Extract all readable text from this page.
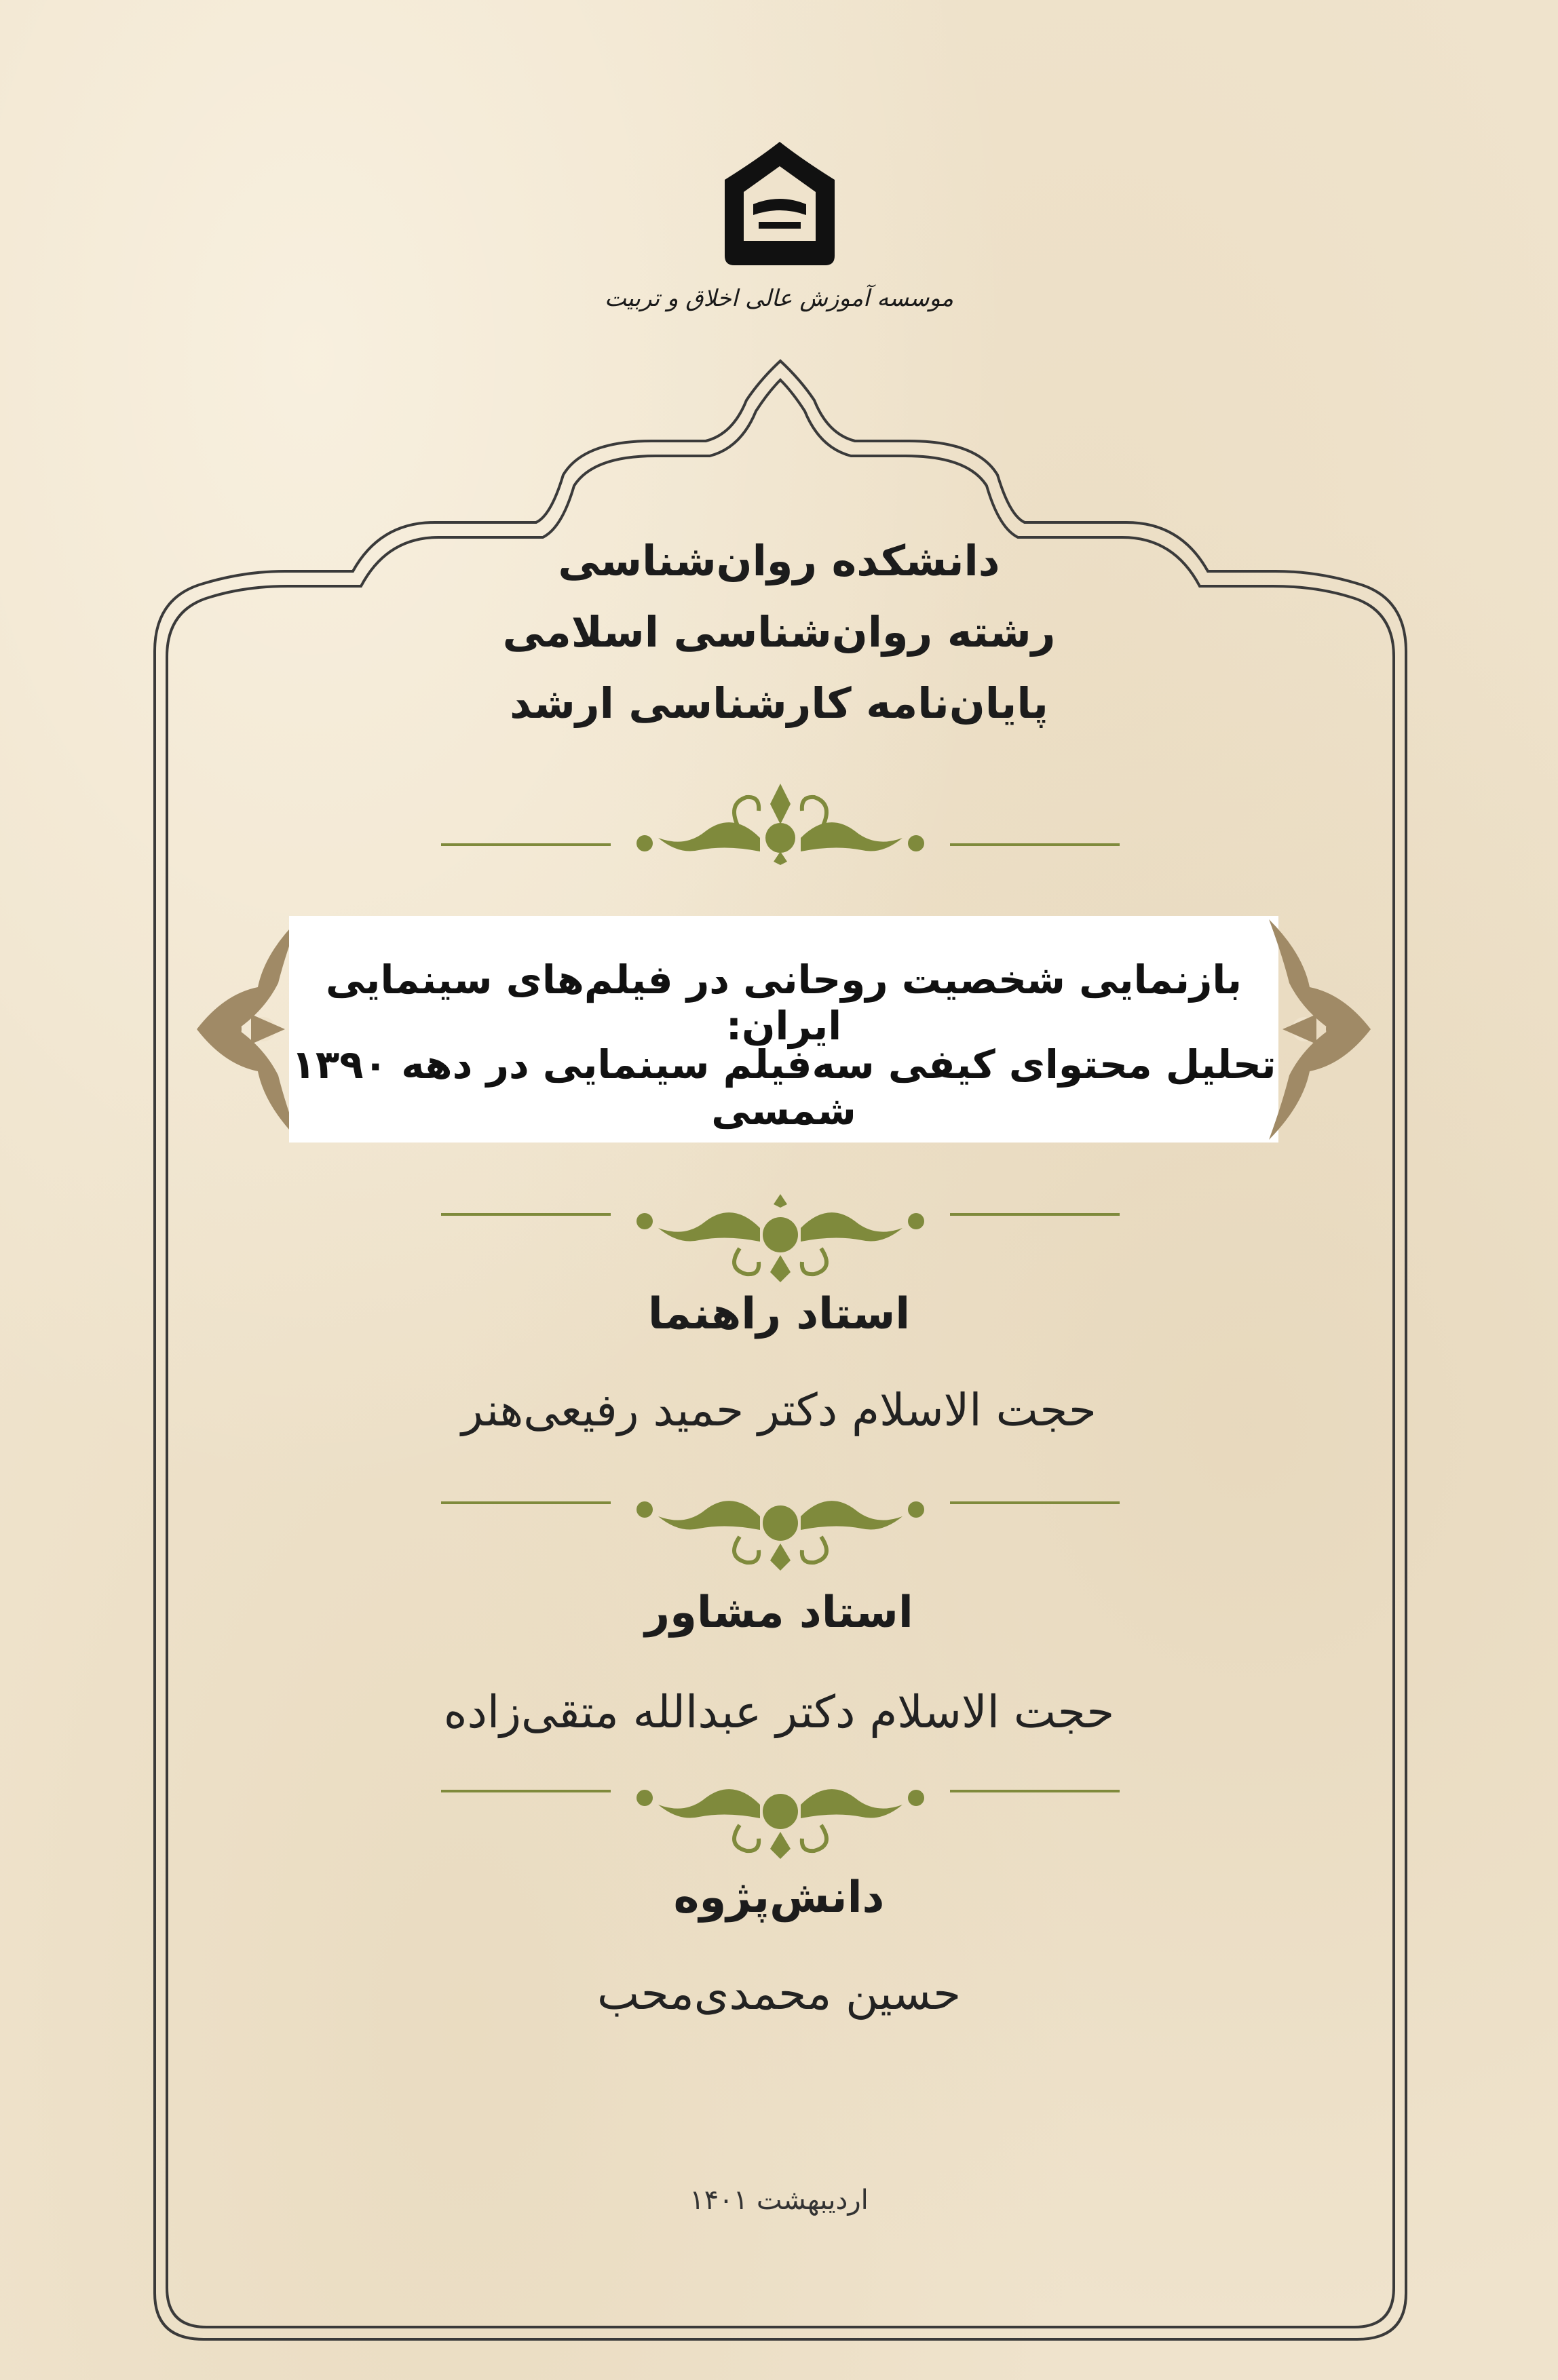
موسسه آموزش عالی اخلاق و تربیت
دانشکده روان‌شناسی
رشته روان‌شناسی اسلامی
پایان‌نامه کارشناسی ارشد
بازنمایی شخصیت روحانی در فیلم‌های سینمایی ایران:
تحلیل محتوای کیفی سه‌فیلم سینمایی در دهه ۱۳۹۰ شمسی
استاد راهنما
حجت الاسلام دکتر حمید رفیعی‌هنر
استاد مشاور
حجت الاسلام دکتر عبدالله متقی‌زاده
دانش‌پژوه
حسین محمدی‌محب
اردیبهشت ۱۴۰۱
